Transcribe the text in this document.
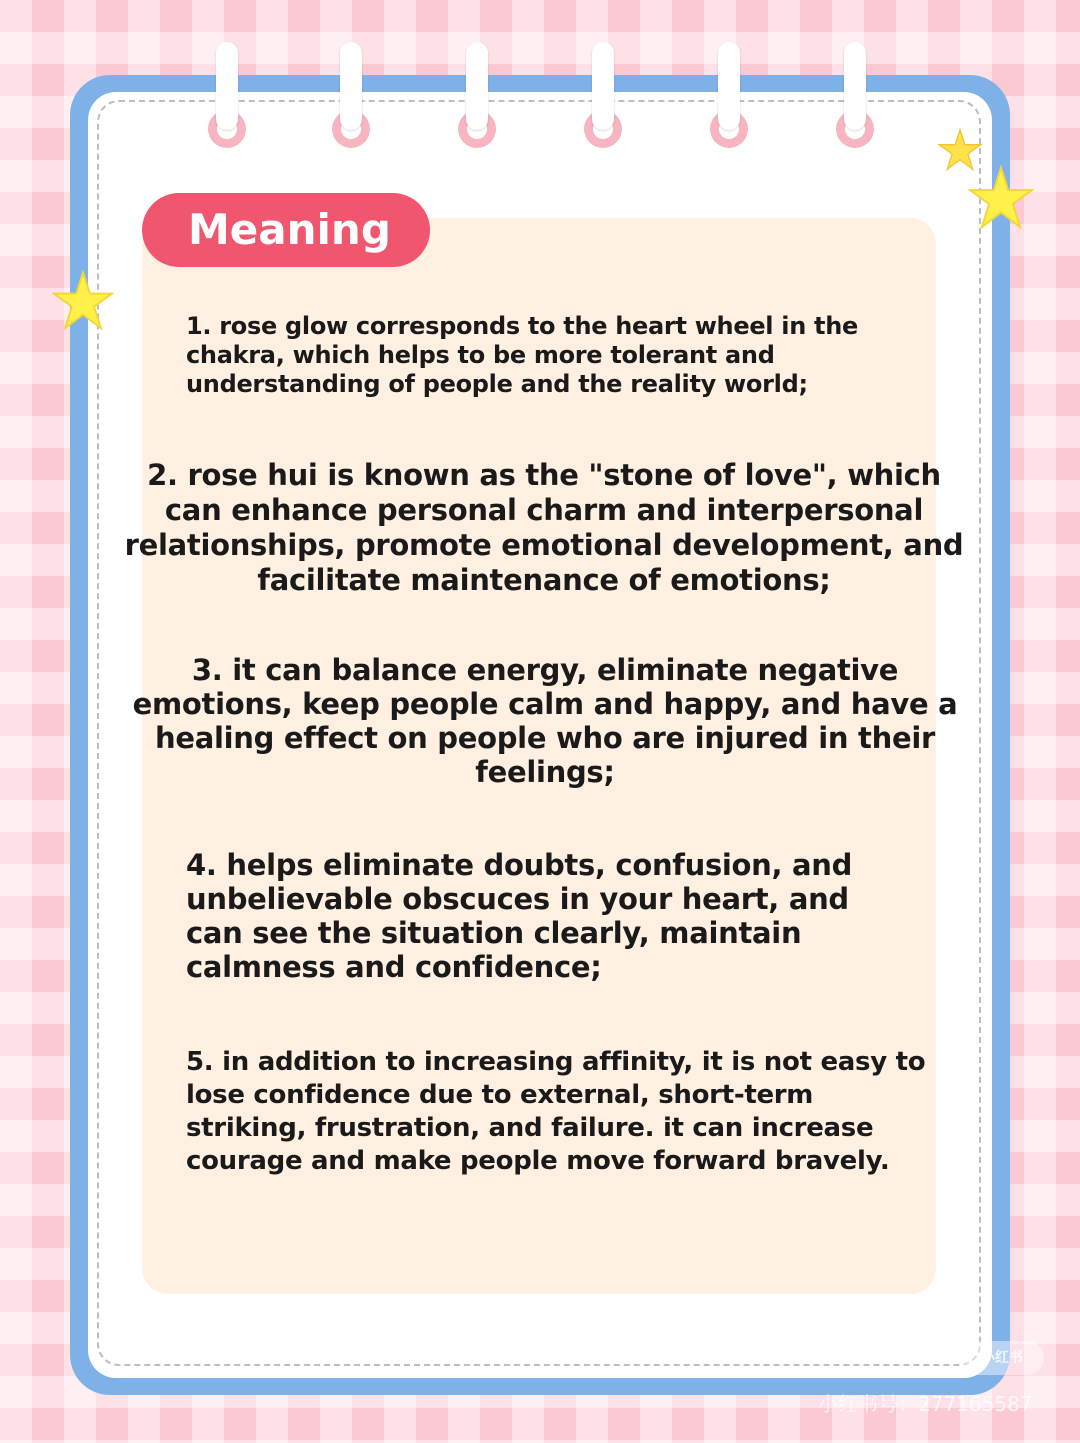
Meaning

1. rose glow corresponds to the heart wheel in the chakra, which helps to be more tolerant and understanding of people and the reality world;

2. rose hui is known as the "stone of love", which can enhance personal charm and interpersonal relationships, promote emotional development, and facilitate maintenance of emotions;

3. it can balance energy, eliminate negative emotions, keep people calm and happy, and have a healing effect on people who are injured in their feelings;

4. helps eliminate doubts, confusion, and unbelievable obscuces in your heart, and can see the situation clearly, maintain calmness and confidence;

5. in addition to increasing affinity, it is not easy to lose confidence due to external, short-term striking, frustration, and failure. it can increase courage and make people move forward bravely.

小红书
小红书号：277165587
